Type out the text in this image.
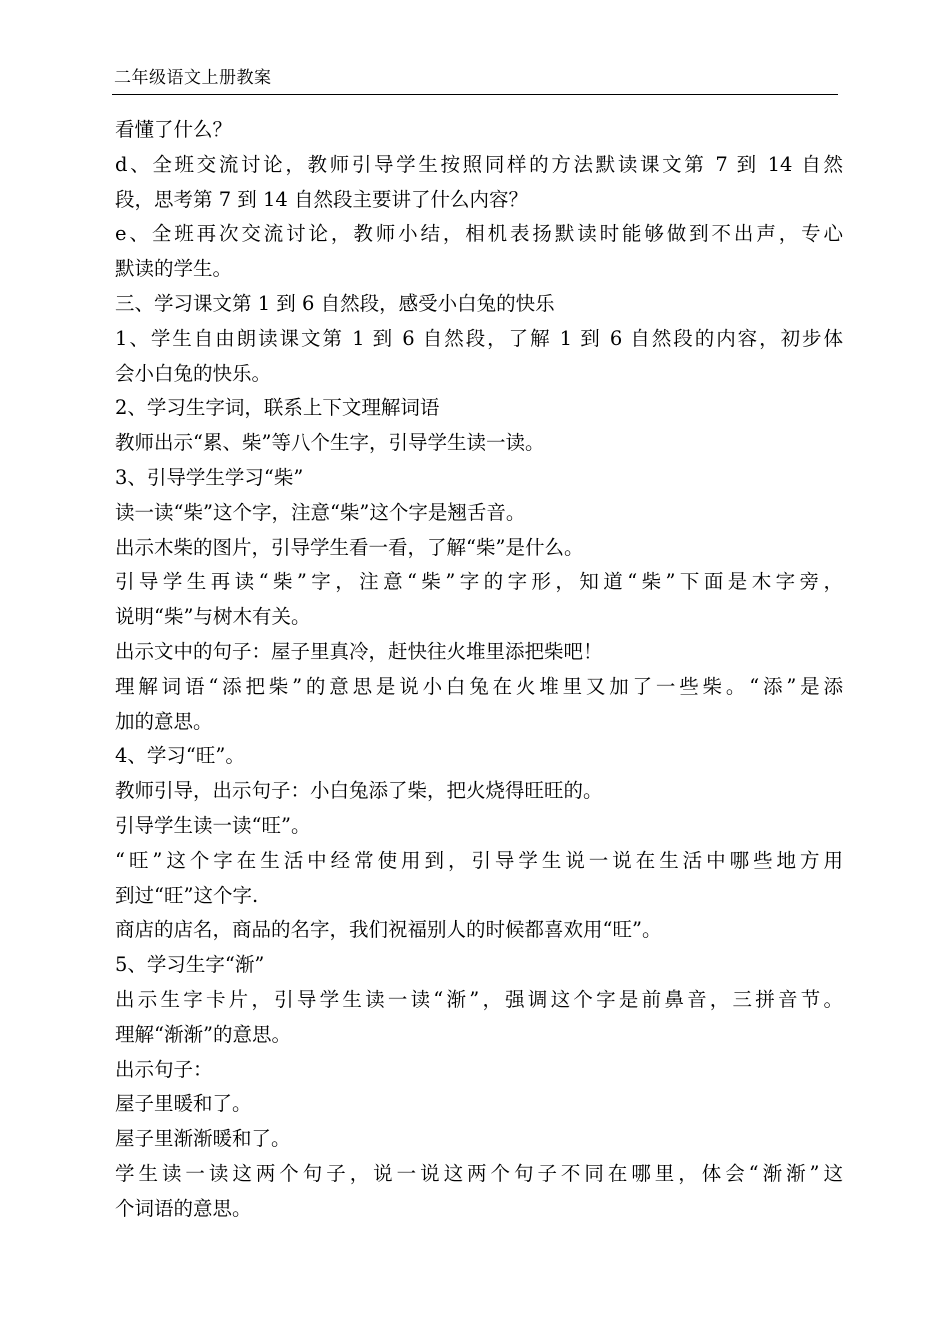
二年级语文上册教案
看懂了什么？
d、全班交流讨论，教师引导学生按照同样的方法默读课文第 7 到 14 自然
段，思考第 7 到 14 自然段主要讲了什么内容？
e、全班再次交流讨论，教师小结，相机表扬默读时能够做到不出声，专心
默读的学生。
三、学习课文第 1 到 6 自然段，感受小白兔的快乐
1、学生自由朗读课文第 1 到 6 自然段，了解 1 到 6 自然段的内容，初步体
会小白兔的快乐。
2、学习生字词，联系上下文理解词语
教师出示“累、柴”等八个生字，引导学生读一读。
3、引导学生学习“柴”
读一读“柴”这个字，注意“柴”这个字是翘舌音。
出示木柴的图片，引导学生看一看，了解“柴”是什么。
引导学生再读“柴”字，注意“柴”字的字形，知道“柴”下面是木字旁，
说明“柴”与树木有关。
出示文中的句子：屋子里真冷，赶快往火堆里添把柴吧！
理解词语“添把柴”的意思是说小白兔在火堆里又加了一些柴。“添”是添
加的意思。
4、学习“旺”。
教师引导，出示句子：小白兔添了柴，把火烧得旺旺的。
引导学生读一读“旺”。
“旺”这个字在生活中经常使用到，引导学生说一说在生活中哪些地方用
到过“旺”这个字.
商店的店名，商品的名字，我们祝福别人的时候都喜欢用“旺”。
5、学习生字“渐”
出示生字卡片，引导学生读一读“渐”，强调这个字是前鼻音，三拼音节。
理解“渐渐”的意思。
出示句子：
屋子里暖和了。
屋子里渐渐暖和了。
学生读一读这两个句子，说一说这两个句子不同在哪里，体会“渐渐”这
个词语的意思。
